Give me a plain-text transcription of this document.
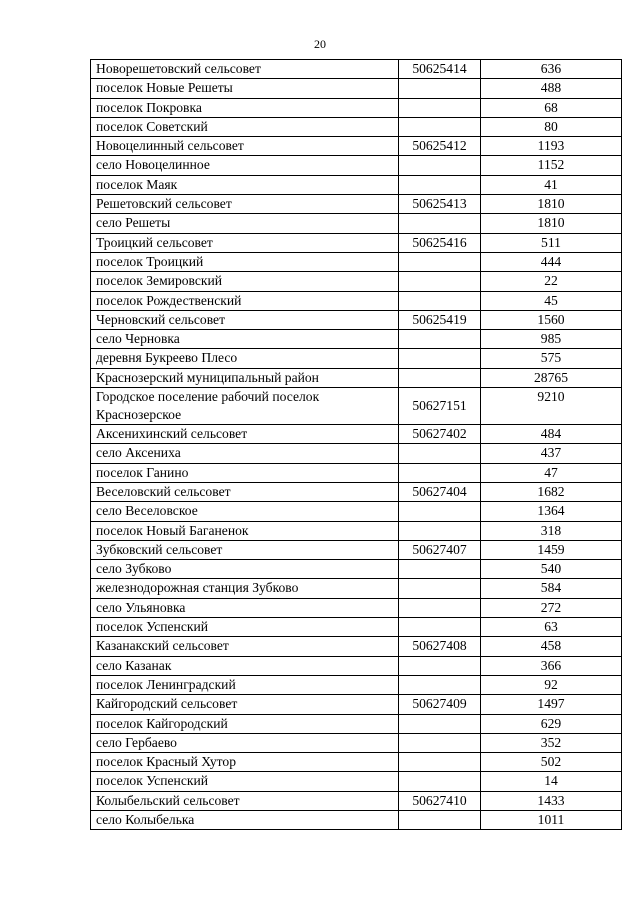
20
Новорешетовский сельсовет	50625414	636
поселок Новые Решеты		488
поселок Покровка		68
поселок Советский		80
Новоцелинный сельсовет	50625412	1193
село Новоцелинное		1152
поселок Маяк		41
Решетовский сельсовет	50625413	1810
село Решеты		1810
Троицкий сельсовет	50625416	511
поселок Троицкий		444
поселок Земировский		22
поселок Рождественский		45
Черновский сельсовет	50625419	1560
село Черновка		985
деревня Букреево Плесо		575
Краснозерский муниципальный район		28765
Городское поселение рабочий поселок Краснозерское	50627151	9210
Аксенихинский сельсовет	50627402	484
село Аксениха		437
поселок Ганино		47
Веселовский сельсовет	50627404	1682
село Веселовское		1364
поселок Новый Баганенок		318
Зубковский сельсовет	50627407	1459
село Зубково		540
железнодорожная станция Зубково		584
село Ульяновка		272
поселок Успенский		63
Казанакский сельсовет	50627408	458
село Казанак		366
поселок Ленинградский		92
Кайгородский сельсовет	50627409	1497
поселок Кайгородский		629
село Гербаево		352
поселок Красный Хутор		502
поселок Успенский		14
Колыбельский сельсовет	50627410	1433
село Колыбелька		1011
